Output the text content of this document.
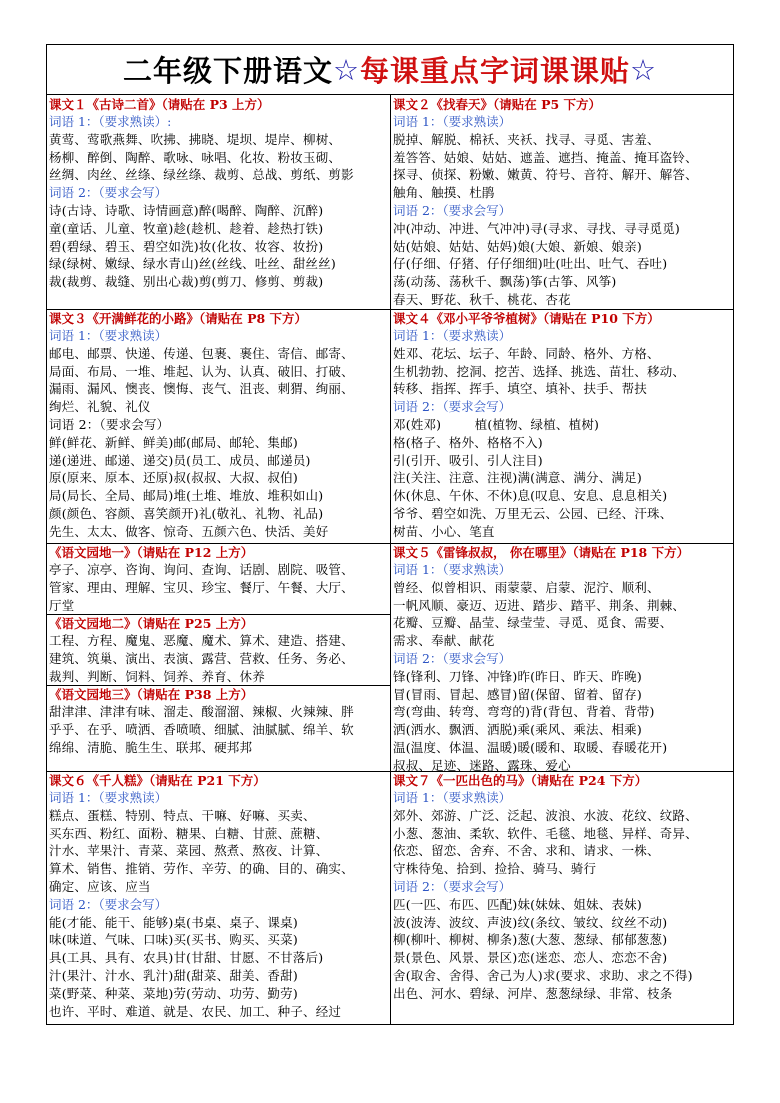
二年级下册语文 ☆ 每课重点字词课课贴 ☆
课文１《古诗二首》（请贴在 P3 上方）
词语 1：（要求熟读）:
黄莺、莺歌燕舞、吹拂、拂晓、堤坝、堤岸、柳树、
杨柳、醉倒、陶醉、歌咏、咏唱、化妆、粉妆玉砌、
丝绸、肉丝、丝绦、绿丝绦、裁剪、总战、剪纸、剪影
词语 2：（要求会写）
诗(古诗、诗歌、诗情画意)醉(喝醉、陶醉、沉醉)
童(童话、儿童、牧童)趁(趁机、趁着、趁热打铁)
碧(碧绿、碧玉、碧空如洗)妆(化妆、妆容、妆扮)
绿(绿树、嫩绿、绿水青山)丝(丝线、吐丝、甜丝丝)
裁(裁剪、裁缝、别出心裁)剪(剪刀、修剪、剪裁)
课文２《找春天》（请贴在 P5 下方）
词语 1：（要求熟读）
脱掉、解脱、棉袄、夹袄、找寻、寻觅、害羞、
羞答答、姑娘、姑姑、遮盖、遮挡、掩盖、掩耳盗铃、
探寻、侦探、粉嫩、嫩黄、符号、音符、解开、解答、
触角、触摸、杜鹃
词语 2：（要求会写）
冲(冲动、冲进、气冲冲)寻(寻求、寻找、寻寻觅觅)
姑(姑娘、姑姑、姑妈)娘(大娘、新娘、娘亲)
仔(仔细、仔猪、仔仔细细)吐(吐出、吐气、吞吐)
荡(动荡、荡秋千、飘荡)筝(古筝、风筝)
春天、野花、秋千、桃花、杏花
课文３《开满鲜花的小路》（请贴在 P8 下方）
词语 1：（要求熟读）
邮电、邮票、快递、传递、包裹、裹住、寄信、邮寄、
局面、布局、一堆、堆起、认为、认真、破旧、打破、
漏雨、漏风、懊丧、懊悔、丧气、沮丧、刺猬、绚丽、
绚烂、礼貌、礼仪
词语 2：（要求会写）
鲜(鲜花、新鲜、鲜美)邮(邮局、邮轮、集邮)
递(递进、邮递、递交)员(员工、成员、邮递员)
原(原来、原本、还原)叔(叔叔、大叔、叔伯)
局(局长、全局、邮局)堆(土堆、堆放、堆积如山)
颜(颜色、容颜、喜笑颜开)礼(敬礼、礼物、礼品)
先生、太太、做客、惊奇、五颜六色、快活、美好
课文４《邓小平爷爷植树》（请贴在 P10 下方）
词语 1：（要求熟读）
姓邓、花坛、坛子、年龄、同龄、格外、方格、
生机勃勃、挖洞、挖苦、选择、挑选、苗壮、移动、
转移、指挥、挥手、填空、填补、扶手、帮扶
词语 2：（要求会写）
邓(姓邓)        植(植物、绿植、植树)
格(格子、格外、格格不入)
引(引开、吸引、引人注目)
注(关注、注意、注视)满(满意、满分、满足)
休(休息、午休、不休)息(叹息、安息、息息相关)
爷爷、碧空如洗、万里无云、公园、已经、汗珠、
树苗、小心、笔直
《语文园地一》（请贴在 P12 上方）
亭子、凉亭、咨询、询问、查询、话剧、剧院、吸管、
管家、理由、理解、宝贝、珍宝、餐厅、午餐、大厅、
厅堂
《语文园地二》（请贴在 P25 上方）
工程、方程、魔鬼、恶魔、魔术、算术、建造、搭建、
建筑、筑巢、演出、表演、露营、营救、任务、务必、
裁判、判断、饲料、饲养、养育、休养
《语文园地三》（请贴在 P38 上方）
甜津津、津津有味、溜走、酸溜溜、辣椒、火辣辣、胖
乎乎、在乎、喷洒、香喷喷、细腻、油腻腻、绵羊、软
绵绵、清脆、脆生生、联邦、硬邦邦
课文５《雷锋叔叔， 你在哪里》（请贴在 P18 下方）
词语 1：（要求熟读）
曾经、似曾相识、雨蒙蒙、启蒙、泥泞、顺利、
一帆风顺、豪迈、迈进、踏步、踏平、荆条、荆棘、
花瓣、豆瓣、晶莹、绿莹莹、寻觅、觅食、需要、
需求、奉献、献花
词语 2：（要求会写）
锋(锋利、刀锋、冲锋)昨(昨日、昨天、昨晚)
冒(冒雨、冒起、感冒)留(保留、留着、留存)
弯(弯曲、转弯、弯弯的)背(背包、背着、背带)
洒(洒水、飘洒、洒脱)乘(乘风、乘法、相乘)
温(温度、体温、温暖)暖(暖和、取暖、春暖花开)
叔叔、足迹、迷路、露珠、爱心
课文６《千人糕》（请贴在 P21 下方）
词语 1：（要求熟读）
糕点、蛋糕、特别、特点、干嘛、好嘛、买卖、
买东西、粉红、面粉、糖果、白糖、甘蔗、蔗糖、
汁水、苹果汁、青菜、菜园、熬煮、熬夜、计算、
算术、销售、推销、劳作、辛劳、的确、目的、确实、
确定、应该、应当
词语 2：（要求会写）
能(才能、能干、能够)桌(书桌、桌子、课桌)
味(味道、气味、口味)买(买书、购买、买菜)
具(工具、具有、农具)甘(甘甜、甘愿、不甘落后)
汁(果汁、汁水、乳汁)甜(甜菜、甜美、香甜)
菜(野菜、种菜、菜地)劳(劳动、功劳、勤劳)
也许、平时、难道、就是、农民、加工、种子、经过
课文７《一匹出色的马》（请贴在 P24 下方）
词语 1：（要求熟读）
郊外、郊游、广泛、泛起、波浪、水波、花纹、纹路、
小葱、葱油、柔软、软件、毛毯、地毯、异样、奇异、
依恋、留恋、舍弃、不舍、求和、请求、一株、
守株待兔、拾到、捡拾、骑马、骑行
词语 2：（要求会写）
匹(一匹、布匹、匹配)妹(妹妹、姐妹、表妹)
波(波涛、波纹、声波)纹(条纹、皱纹、纹丝不动)
柳(柳叶、柳树、柳条)葱(大葱、葱绿、郁郁葱葱)
景(景色、风景、景区)恋(迷恋、恋人、恋恋不舍)
舍(取舍、舍得、舍己为人)求(要求、求助、求之不得)
出色、河水、碧绿、河岸、葱葱绿绿、非常、枝条
